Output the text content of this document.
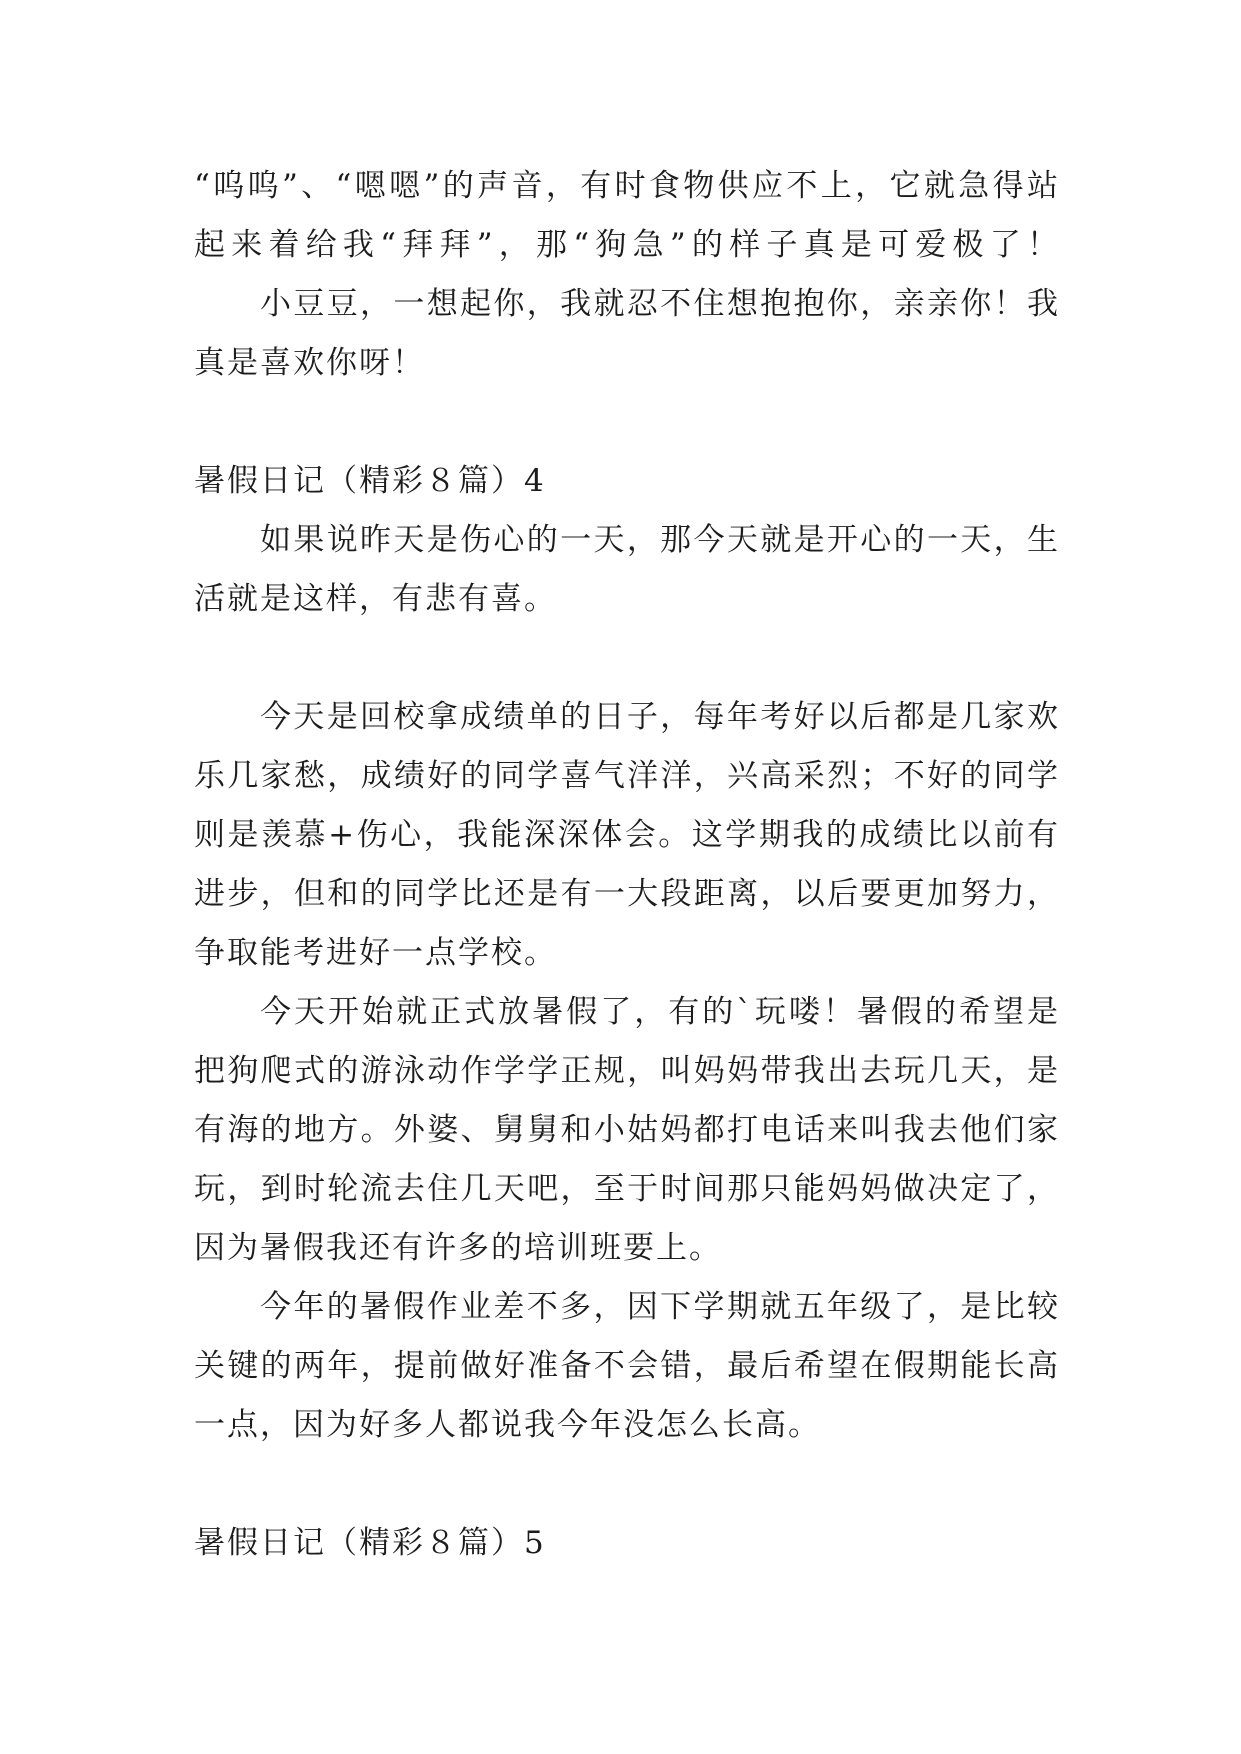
“呜呜”、“嗯嗯”的声音，有时食物供应不上，它就急得站
起来着给我“拜拜”，那“狗急”的样子真是可爱极了！
小豆豆，一想起你，我就忍不住想抱抱你，亲亲你！我
真是喜欢你呀！
暑假日记（精彩８篇）4
如果说昨天是伤心的一天，那今天就是开心的一天，生
活就是这样，有悲有喜。
今天是回校拿成绩单的日子，每年考好以后都是几家欢
乐几家愁，成绩好的同学喜气洋洋，兴高采烈；不好的同学
则是羡慕+伤心，我能深深体会。这学期我的成绩比以前有
进步，但和的同学比还是有一大段距离，以后要更加努力，
争取能考进好一点学校。
今天开始就正式放暑假了，有的`玩喽！暑假的希望是
把狗爬式的游泳动作学学正规，叫妈妈带我出去玩几天，是
有海的地方。外婆、舅舅和小姑妈都打电话来叫我去他们家
玩，到时轮流去住几天吧，至于时间那只能妈妈做决定了，
因为暑假我还有许多的培训班要上。
今年的暑假作业差不多，因下学期就五年级了，是比较
关键的两年，提前做好准备不会错，最后希望在假期能长高
一点，因为好多人都说我今年没怎么长高。
暑假日记（精彩８篇）5
